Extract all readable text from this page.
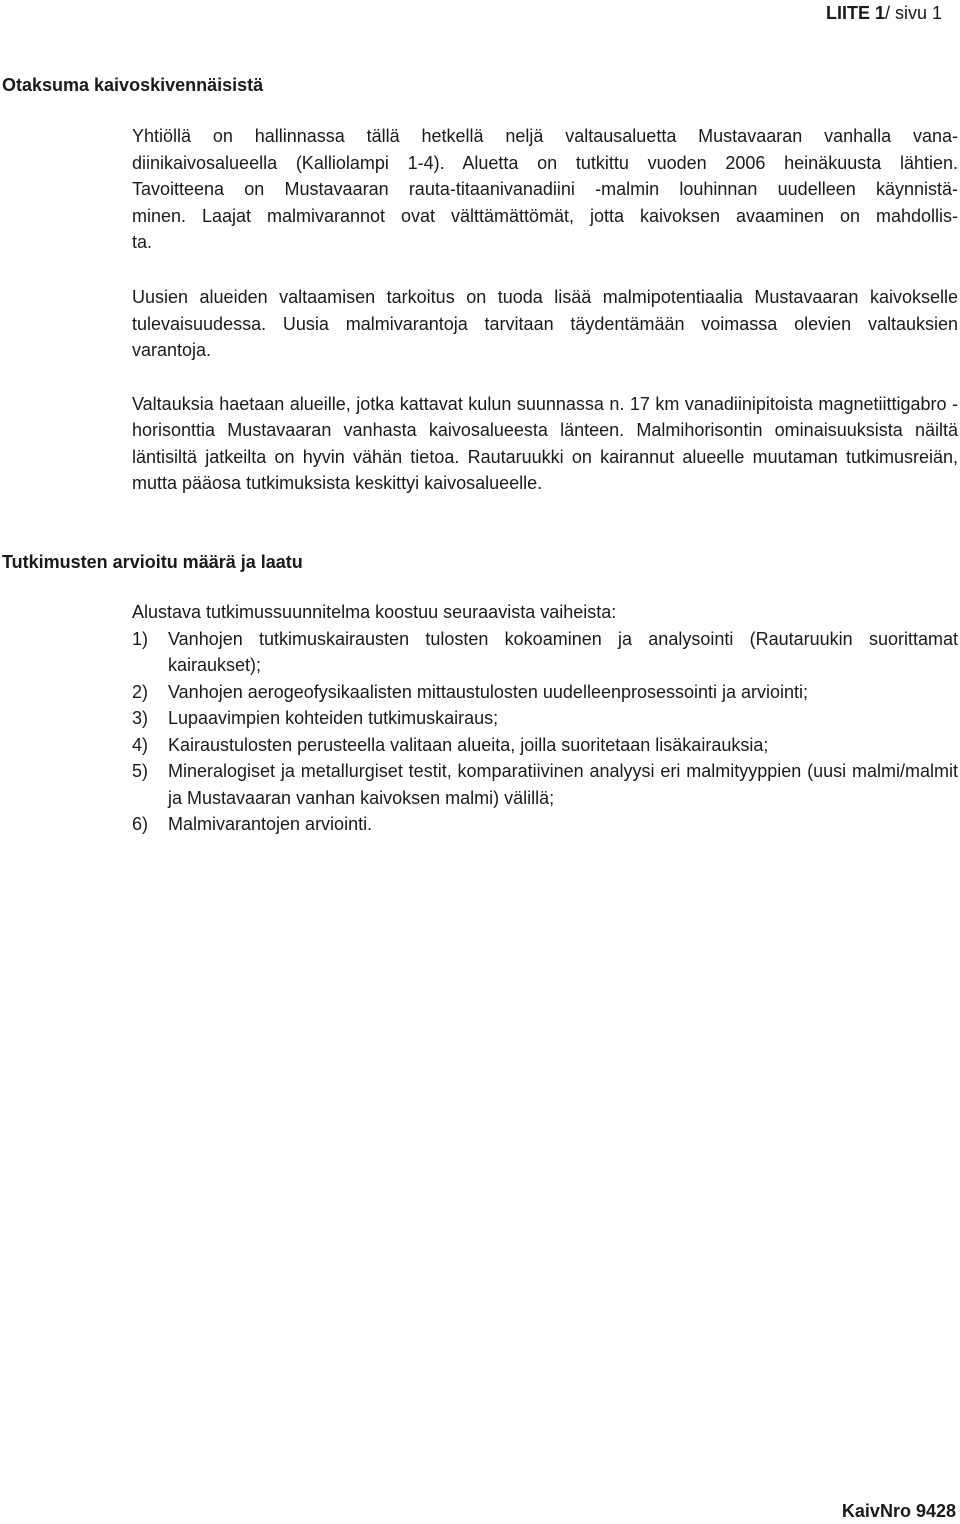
LIITE 1/ sivu 1
Otaksuma kaivoskivennäisistä
Yhtiöllä on hallinnassa tällä hetkellä neljä valtausaluetta Mustavaaran vanhalla vana-
diinikaivosalueella (Kalliolampi 1-4). Aluetta on tutkittu vuoden 2006 heinäkuusta lähtien.
Tavoitteena on Mustavaaran rauta-titaanivanadiini -malmin louhinnan uudelleen käynnistä-
minen. Laajat malmivarannot ovat välttämättömät, jotta kaivoksen avaaminen on mahdollis-
ta.

Uusien alueiden valtaamisen tarkoitus on tuoda lisää malmipotentiaalia Mustavaaran kaivokselle tulevaisuudessa. Uusia malmivarantoja tarvitaan täydentämään voimassa olevien valtauksien varantoja.

Valtauksia haetaan alueille, jotka kattavat kulun suunnassa n. 17 km vanadiinipitoista magnetiittigabro -horisonttia Mustavaaran vanhasta kaivosalueesta länteen. Malmihorisontin ominaisuuksista näiltä läntisiltä jatkeilta on hyvin vähän tietoa. Rautaruukki on kairannut alueelle muutaman tutkimusreiän, mutta pääosa tutkimuksista keskittyi kaivosalueelle.

Tutkimusten arvioitu määrä ja laatu

Alustava tutkimussuunnitelma koostuu seuraavista vaiheista:

1) Vanhojen tutkimuskairausten tulosten kokoaminen ja analysointi (Rautaruukin suorittamat kairaukset);
2) Vanhojen aerogeofysikaalisten mittaustulosten uudelleenprosessointi ja arviointi;
3) Lupaavimpien kohteiden tutkimuskairaus;
4) Kairaustulosten perusteella valitaan alueita, joilla suoritetaan lisäkairauksia;
5) Mineralogiset ja metallurgiset testit, komparatiivinen analyysi eri malmityyppien (uusi malmi/malmit ja Mustavaaran vanhan kaivoksen malmi) välillä;
6) Malmivarantojen arviointi.
KaivNro 9428
